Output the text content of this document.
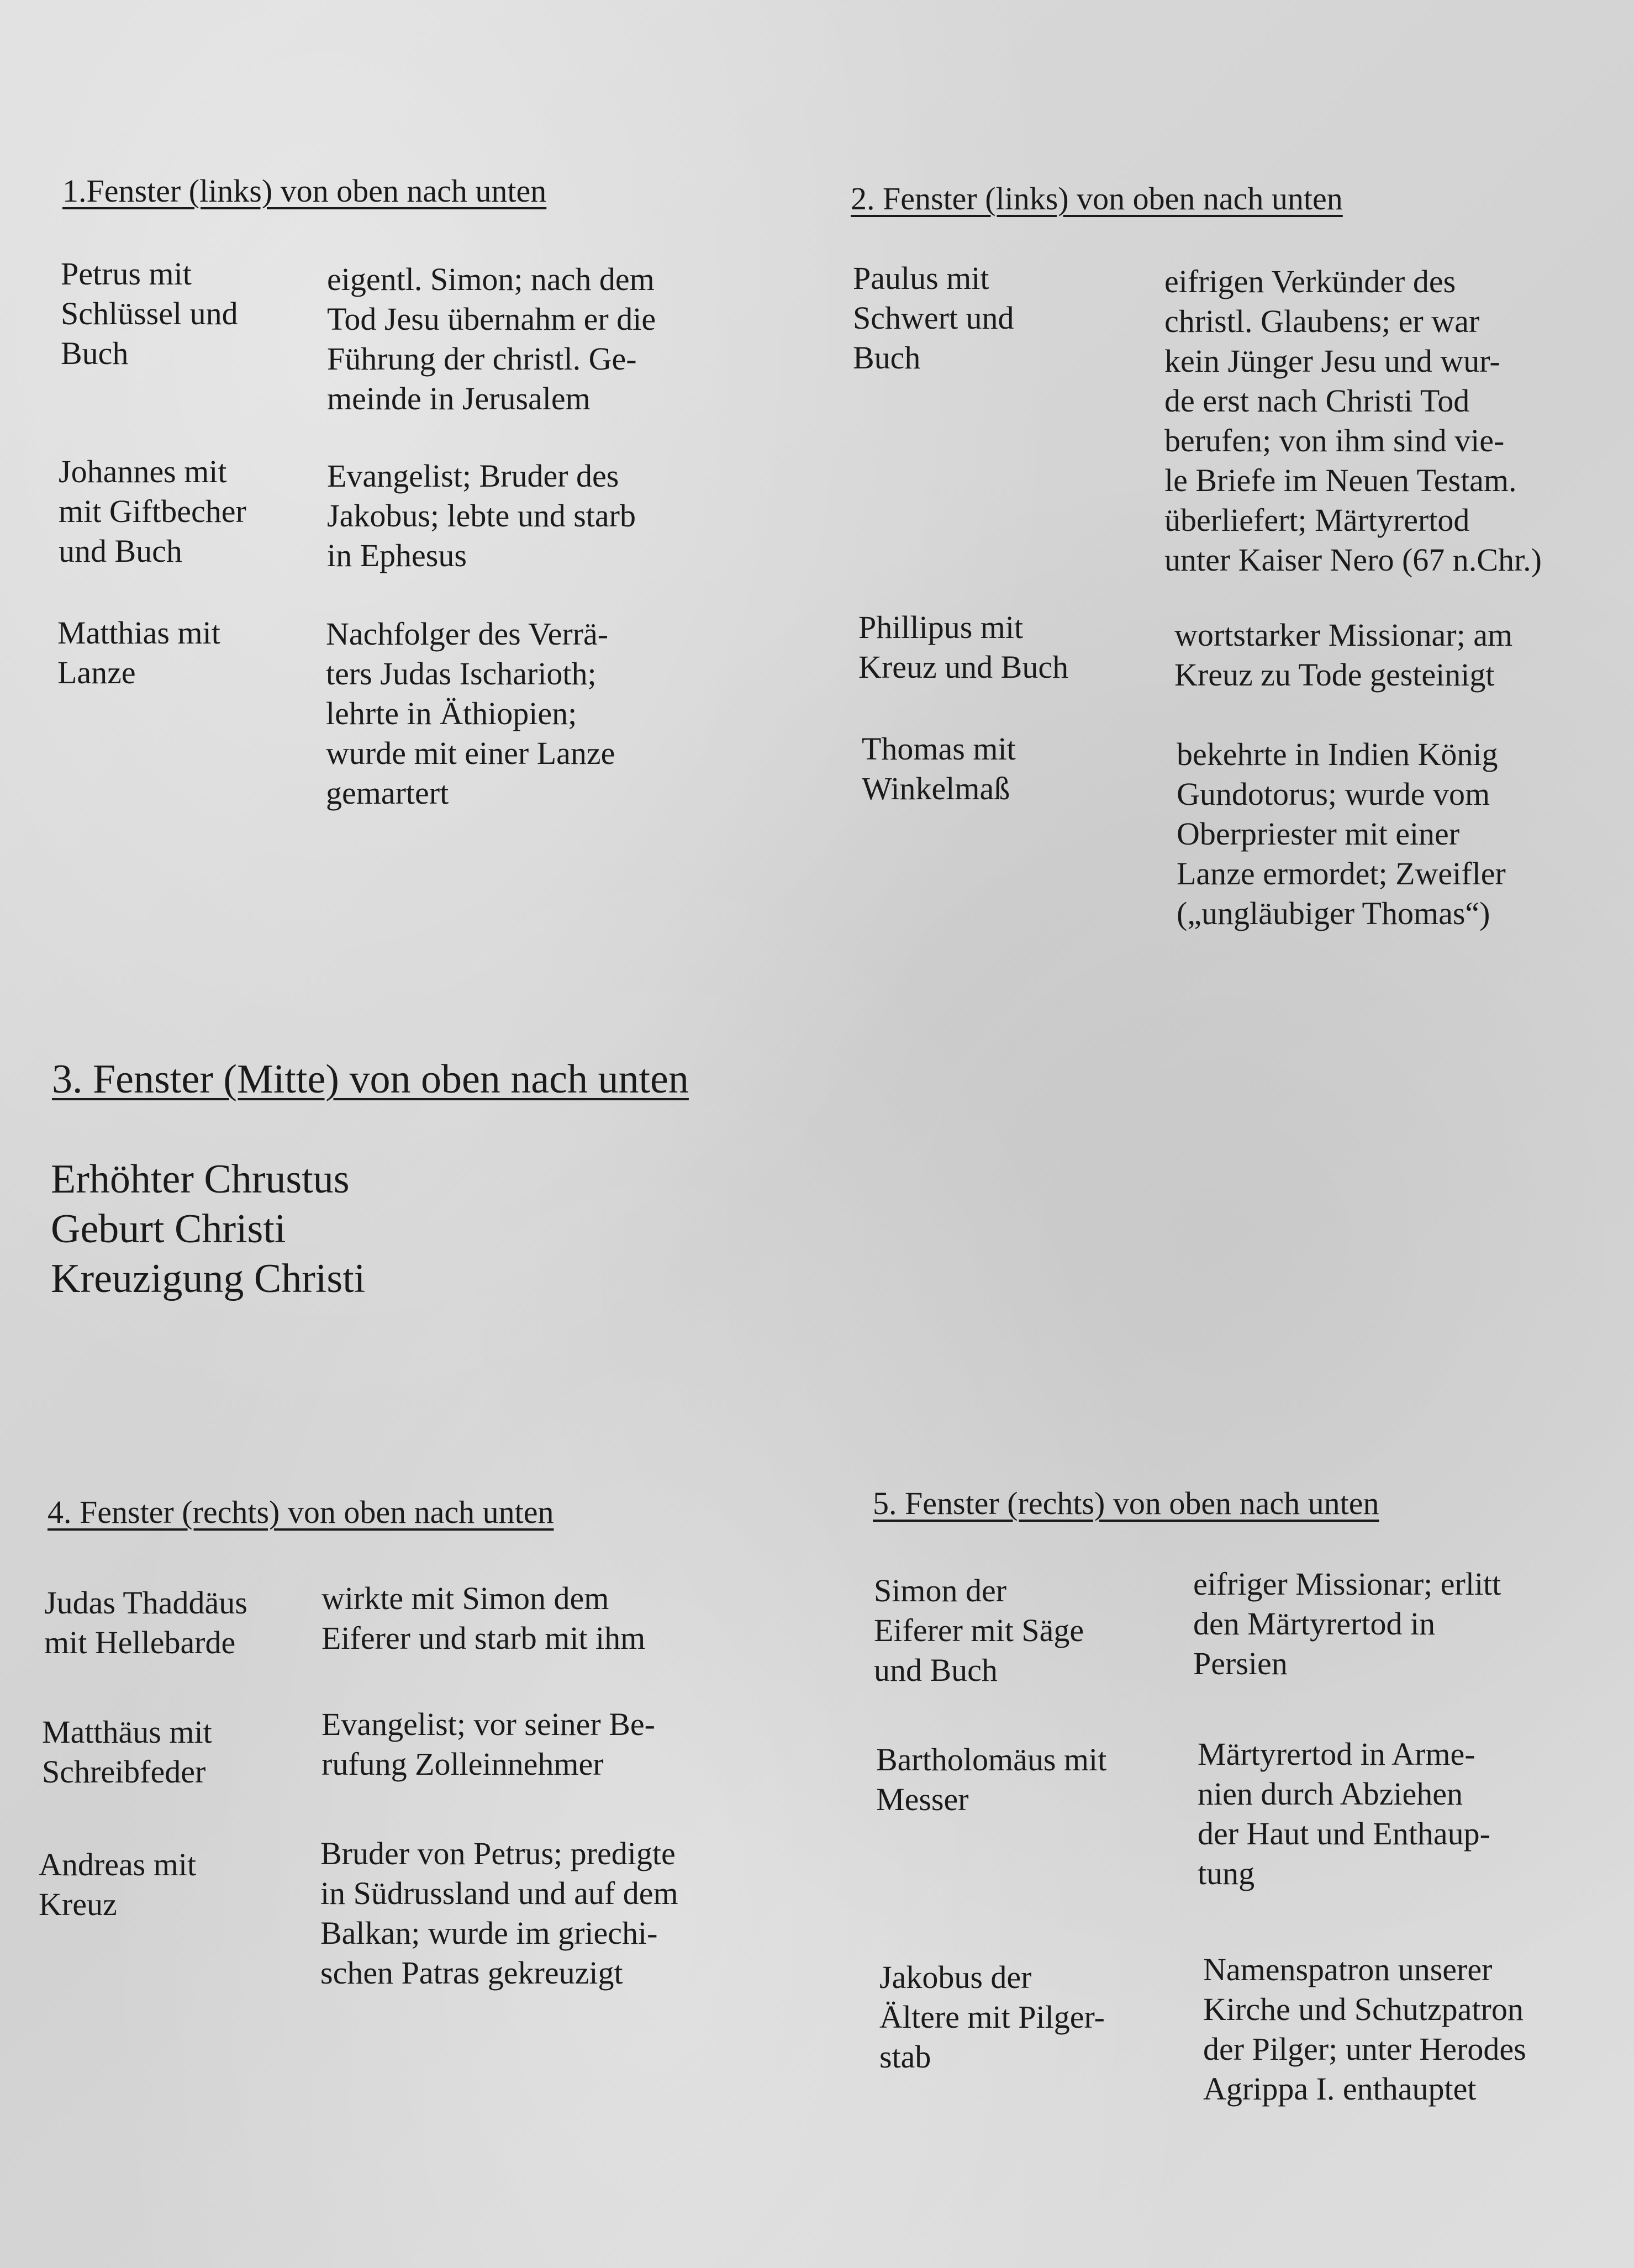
1.Fenster (links) von oben nach unten
Petrus mit
Schlüssel und
Buch
eigentl. Simon; nach dem
Tod Jesu übernahm er die
Führung der christl. Ge-
meinde in Jerusalem
Johannes mit
mit Giftbecher
und Buch
Evangelist; Bruder des
Jakobus; lebte und starb
in Ephesus
Matthias mit
Lanze
Nachfolger des Verrä-
ters Judas Ischarioth;
lehrte in Äthiopien;
wurde mit einer Lanze
gemartert
2. Fenster (links) von oben nach unten
Paulus mit
Schwert und
Buch
eifrigen Verkünder des
christl. Glaubens; er war
kein Jünger Jesu und wur-
de erst nach Christi Tod
berufen; von ihm sind vie-
le Briefe im Neuen Testam.
überliefert; Märtyrertod
unter Kaiser Nero (67 n.Chr.)
Phillipus mit
Kreuz und Buch
wortstarker Missionar; am
Kreuz zu Tode gesteinigt
Thomas mit
Winkelmaß
bekehrte in Indien König
Gundotorus; wurde vom
Oberpriester mit einer
Lanze ermordet; Zweifler
(„ungläubiger Thomas“)
3. Fenster (Mitte) von oben nach unten
Erhöhter Chrustus
Geburt Christi
Kreuzigung Christi
4. Fenster (rechts) von oben nach unten
Judas Thaddäus
mit Hellebarde
wirkte mit Simon dem
Eiferer und starb mit ihm
Matthäus mit
Schreibfeder
Evangelist; vor seiner Be-
rufung Zolleinnehmer
Andreas mit
Kreuz
Bruder von Petrus; predigte
in Südrussland und auf dem
Balkan; wurde im griechi-
schen Patras gekreuzigt
5. Fenster (rechts) von oben nach unten
Simon der
Eiferer mit Säge
und Buch
eifriger Missionar; erlitt
den Märtyrertod in
Persien
Bartholomäus mit
Messer
Märtyrertod in Arme-
nien durch Abziehen
der Haut und Enthaup-
tung
Jakobus der
Ältere mit Pilger-
stab
Namenspatron unserer
Kirche und Schutzpatron
der Pilger; unter Herodes
Agrippa I. enthauptet
